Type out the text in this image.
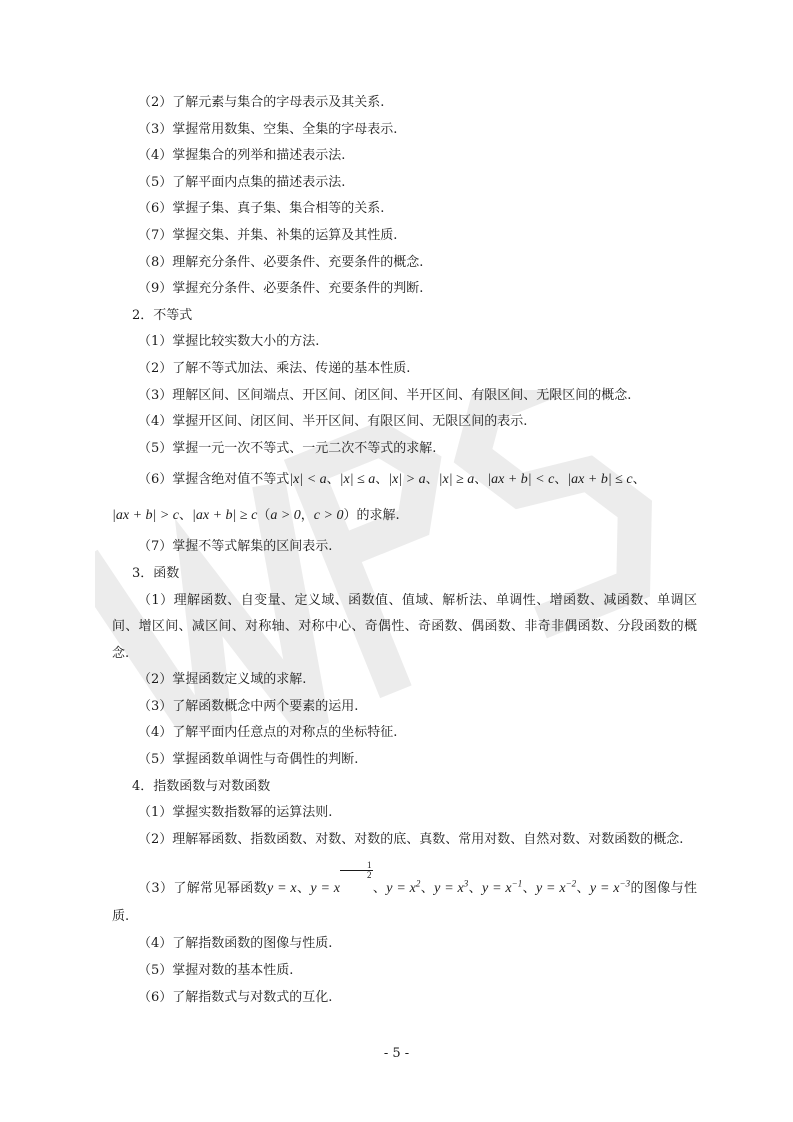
（2）了解元素与集合的字母表示及其关系.
（3）掌握常用数集、空集、全集的字母表示.
（4）掌握集合的列举和描述表示法.
（5）了解平面内点集的描述表示法.
（6）掌握子集、真子集、集合相等的关系.
（7）掌握交集、并集、补集的运算及其性质.
（8）理解充分条件、必要条件、充要条件的概念.
（9）掌握充分条件、必要条件、充要条件的判断.
2．不等式
（1）掌握比较实数大小的方法.
（2）了解不等式加法、乘法、传递的基本性质.
（3）理解区间、区间端点、开区间、闭区间、半开区间、有限区间、无限区间的概念.
（4）掌握开区间、闭区间、半开区间、有限区间、无限区间的表示.
（5）掌握一元一次不等式、一元二次不等式的求解.
（6）掌握含绝对值不等式|x| < a、|x| ≤ a、|x| > a、|x| ≥ a、|ax + b| < c、|ax + b| ≤ c、
|ax + b| > c、|ax + b| ≥ c（a > 0，c > 0）的求解.
（7）掌握不等式解集的区间表示.
3．函数
（1）理解函数、自变量、定义域、函数值、值域、解析法、单调性、增函数、减函数、单调区间、增区间、减区间、对称轴、对称中心、奇偶性、奇函数、偶函数、非奇非偶函数、分段函数的概念.
（2）掌握函数定义域的求解.
（3）了解函数概念中两个要素的运用.
（4）了解平面内任意点的对称点的坐标特征.
（5）掌握函数单调性与奇偶性的判断.
4．指数函数与对数函数
（1）掌握实数指数幂的运算法则.
（2）理解幂函数、指数函数、对数、对数的底、真数、常用对数、自然对数、对数函数的概念.
（3）了解常见幂函数y = x、y = x
$\frac{1}{2}$
、$y = x^2$、$y = x^3$、$y = x^{-1}$、$y = x^{-2}$、$y = x^{-3}$的图像与性质.
（4）了解指数函数的图像与性质.
（5）掌握对数的基本性质.
（6）了解指数式与对数式的互化.
- 5 -
